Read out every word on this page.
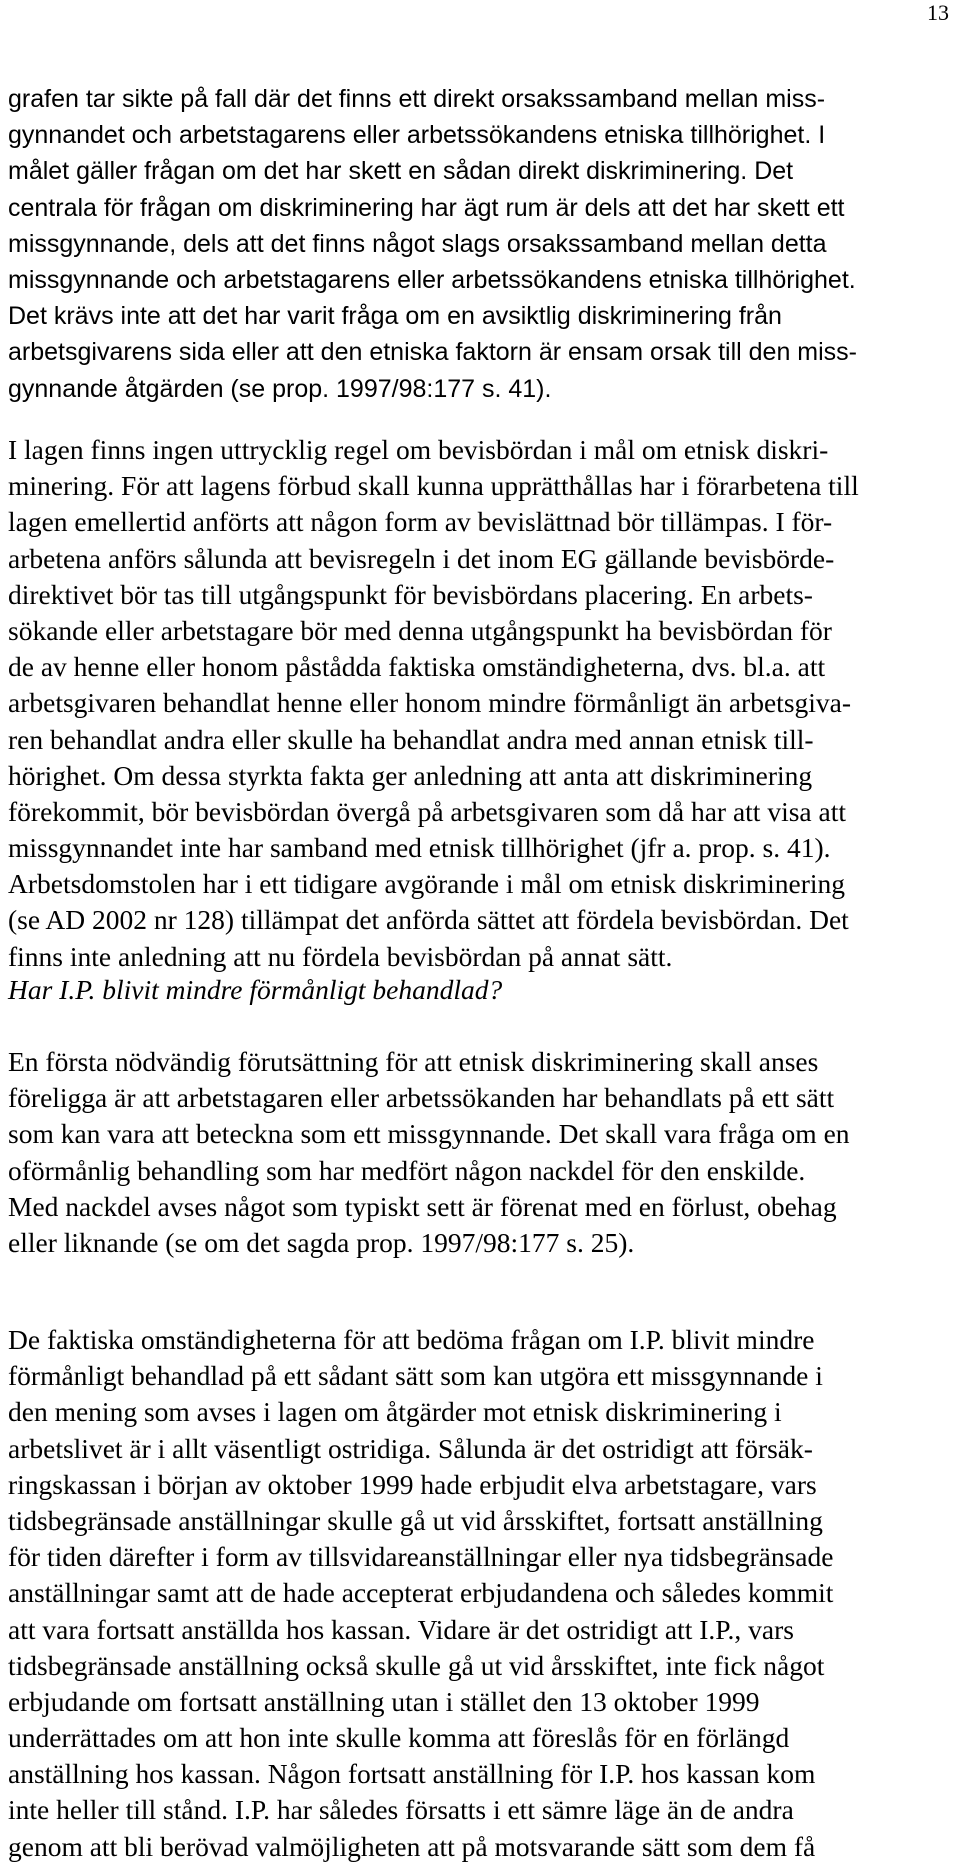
13
grafen tar sikte på fall där det finns ett direkt orsakssamband mellan miss-
gynnandet och arbetstagarens eller arbetssökandens etniska tillhörighet. I
målet gäller frågan om det har skett en sådan direkt diskriminering. Det
centrala för frågan om diskriminering har ägt rum är dels att det har skett ett
missgynnande, dels att det finns något slags orsakssamband mellan detta
missgynnande och arbetstagarens eller arbetssökandens etniska tillhörighet.
Det krävs inte att det har varit fråga om en avsiktlig diskriminering från
arbetsgivarens sida eller att den etniska faktorn är ensam orsak till den miss-
gynnande åtgärden (se prop. 1997/98:177 s. 41).
I lagen finns ingen uttrycklig regel om bevisbördan i mål om etnisk diskri-
minering. För att lagens förbud skall kunna upprätthållas har i förarbetena till
lagen emellertid anförts att någon form av bevislättnad bör tillämpas. I för-
arbetena anförs sålunda att bevisregeln i det inom EG gällande bevisbörde-
direktivet bör tas till utgångspunkt för bevisbördans placering. En arbets-
sökande eller arbetstagare bör med denna utgångspunkt ha bevisbördan för
de av henne eller honom påstådda faktiska omständigheterna, dvs. bl.a. att
arbetsgivaren behandlat henne eller honom mindre förmånligt än arbetsgiva-
ren behandlat andra eller skulle ha behandlat andra med annan etnisk till-
hörighet. Om dessa styrkta fakta ger anledning att anta att diskriminering
förekommit, bör bevisbördan övergå på arbetsgivaren som då har att visa att
missgynnandet inte har samband med etnisk tillhörighet (jfr a. prop. s. 41).
Arbetsdomstolen har i ett tidigare avgörande i mål om etnisk diskriminering
(se AD 2002 nr 128) tillämpat det anförda sättet att fördela bevisbördan. Det
finns inte anledning att nu fördela bevisbördan på annat sätt.
Har I.P. blivit mindre förmånligt behandlad?
En första nödvändig förutsättning för att etnisk diskriminering skall anses
föreligga är att arbetstagaren eller arbetssökanden har behandlats på ett sätt
som kan vara att beteckna som ett missgynnande. Det skall vara fråga om en
oförmånlig behandling som har medfört någon nackdel för den enskilde.
Med nackdel avses något som typiskt sett är förenat med en förlust, obehag
eller liknande (se om det sagda prop. 1997/98:177 s. 25).
De faktiska omständigheterna för att bedöma frågan om I.P. blivit mindre
förmånligt behandlad på ett sådant sätt som kan utgöra ett missgynnande i
den mening som avses i lagen om åtgärder mot etnisk diskriminering i
arbetslivet är i allt väsentligt ostridiga. Sålunda är det ostridigt att försäk-
ringskassan i början av oktober 1999 hade erbjudit elva arbetstagare, vars
tidsbegränsade anställningar skulle gå ut vid årsskiftet, fortsatt anställning
för tiden därefter i form av tillsvidareanställningar eller nya tidsbegränsade
anställningar samt att de hade accepterat erbjudandena och således kommit
att vara fortsatt anställda hos kassan. Vidare är det ostridigt att I.P., vars
tidsbegränsade anställning också skulle gå ut vid årsskiftet, inte fick något
erbjudande om fortsatt anställning utan i stället den 13 oktober 1999
underrättades om att hon inte skulle komma att föreslås för en förlängd
anställning hos kassan. Någon fortsatt anställning för I.P. hos kassan kom
inte heller till stånd. I.P. har således försatts i ett sämre läge än de andra
genom att bli berövad valmöjligheten att på motsvarande sätt som dem få
